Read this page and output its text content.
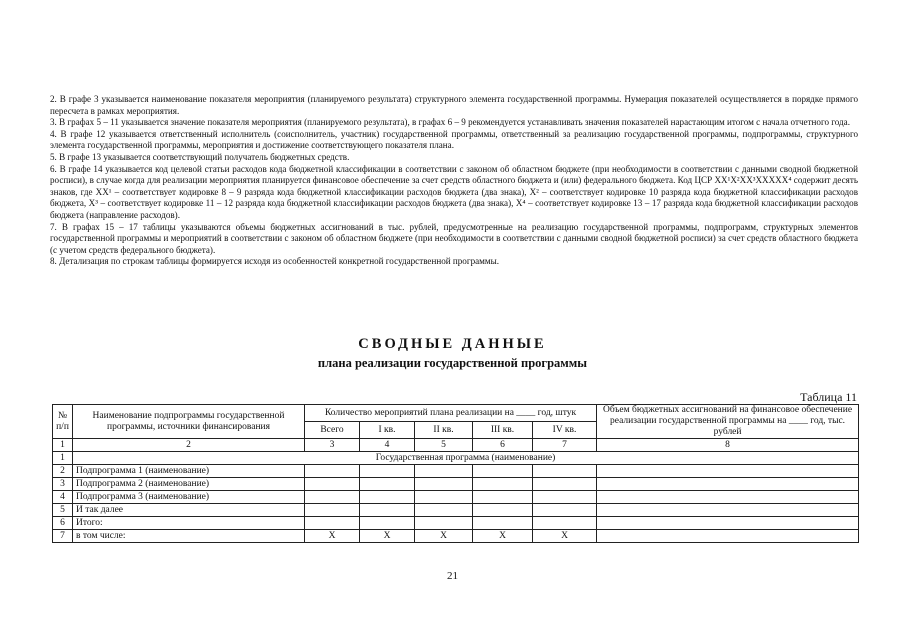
2. В графе 3 указывается наименование показателя мероприятия (планируемого результата) структурного элемента государственной программы. Нумерация показателей осуществляется в порядке прямого пересчета в рамках мероприятия.

3. В графах 5 – 11 указывается значение показателя мероприятия (планируемого результата), в графах 6 – 9 рекомендуется устанавливать значения показателей нарастающим итогом с начала отчетного года.

4. В графе 12 указывается ответственный исполнитель (соисполнитель, участник) государственной программы, ответственный за реализацию государственной программы, подпрограммы, структурного элемента государственной программы, мероприятия и достижение соответствующего показателя плана.

5. В графе 13 указывается соответствующий получатель бюджетных средств.

6. В графе 14 указывается код целевой статьи расходов кода бюджетной классификации в соответствии с законом об областном бюджете (при необходимости в соответствии с данными сводной бюджетной росписи), в случае когда для реализации мероприятия планируется финансовое обеспечение за счет средств областного бюджета и (или) федерального бюджета. Код ЦСР XX¹X²XX³XXXXX⁴ содержит десять знаков, где XX¹ – соответствует кодировке 8 – 9 разряда кода бюджетной классификации расходов бюджета (два знака), X² – соответствует кодировке 10 разряда кода бюджетной классификации расходов бюджета, X³ – соответствует кодировке 11 – 12 разряда кода бюджетной классификации расходов бюджета (два знака), X⁴ – соответствует кодировке 13 – 17 разряда кода бюджетной классификации расходов бюджета (направление расходов).

7. В графах 15 – 17 таблицы указываются объемы бюджетных ассигнований в тыс. рублей, предусмотренные на реализацию государственной программы, подпрограмм, структурных элементов государственной программы и мероприятий в соответствии с законом об областном бюджете (при необходимости в соответствии с данными сводной бюджетной росписи) за счет средств областного бюджета (с учетом средств федерального бюджета).

8. Детализация по строкам таблицы формируется исходя из особенностей конкретной государственной программы.

СВОДНЫЕ ДАННЫЕ
плана реализации государственной программы
Таблица 11
№ п/п	Наименование подпрограммы государственной программы, источники финансирования	Количество мероприятий плана реализации на ____ год, штук					Объем бюджетных ассигнований на финансовое обеспечение реализации государственной программы на ____ год, тыс. рублей
		Всего	I кв.	II кв.	III кв.	IV кв.	
1	2	3	4	5	6	7	8
1	Государственная программа (наименование)						
2	Подпрограмма 1 (наименование)						
3	Подпрограмма 2 (наименование)						
4	Подпрограмма 3 (наименование)						
5	И так далее						
6	Итого:						
7	в том числе:	X	X	X	X	X	
21
